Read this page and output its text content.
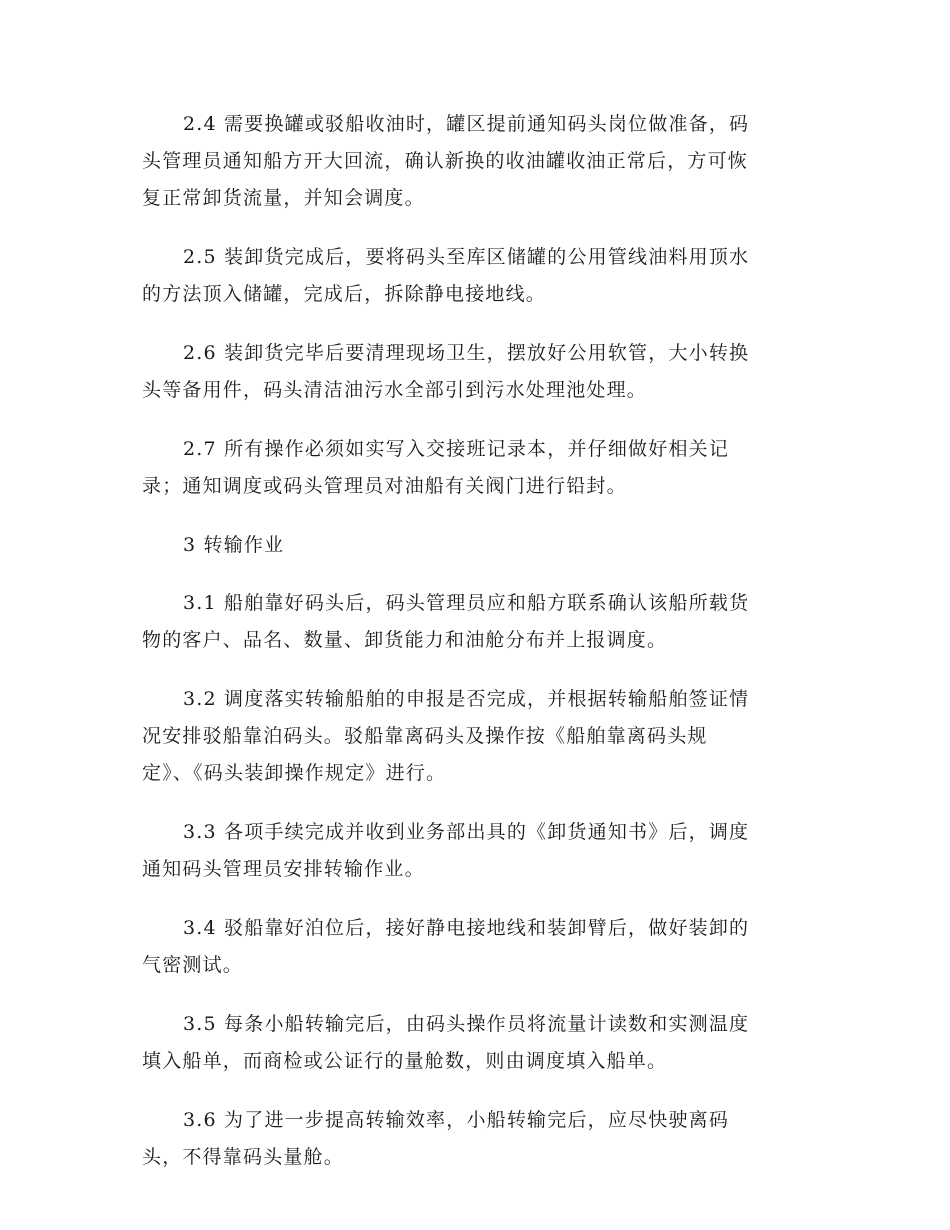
2.4 需要换罐或驳船收油时，罐区提前通知码头岗位做准备，码
头管理员通知船方开大回流，确认新换的收油罐收油正常后，方可恢
复正常卸货流量，并知会调度。

2.5 装卸货完成后，要将码头至库区储罐的公用管线油料用顶水
的方法顶入储罐，完成后，拆除静电接地线。

2.6 装卸货完毕后要清理现场卫生，摆放好公用软管，大小转换
头等备用件，码头清洁油污水全部引到污水处理池处理。

2.7 所有操作必须如实写入交接班记录本，并仔细做好相关记
录；通知调度或码头管理员对油船有关阀门进行铅封。

3 转输作业

3.1 船舶靠好码头后，码头管理员应和船方联系确认该船所载货
物的客户、品名、数量、卸货能力和油舱分布并上报调度。

3.2 调度落实转输船舶的申报是否完成，并根据转输船舶签证情
况安排驳船靠泊码头。驳船靠离码头及操作按《船舶靠离码头规
定》、《码头装卸操作规定》进行。

3.3 各项手续完成并收到业务部出具的《卸货通知书》后，调度
通知码头管理员安排转输作业。

3.4 驳船靠好泊位后，接好静电接地线和装卸臂后，做好装卸的
气密测试。

3.5 每条小船转输完后，由码头操作员将流量计读数和实测温度
填入船单，而商检或公证行的量舱数，则由调度填入船单。

3.6 为了进一步提高转输效率，小船转输完后，应尽快驶离码
头，不得靠码头量舱。
